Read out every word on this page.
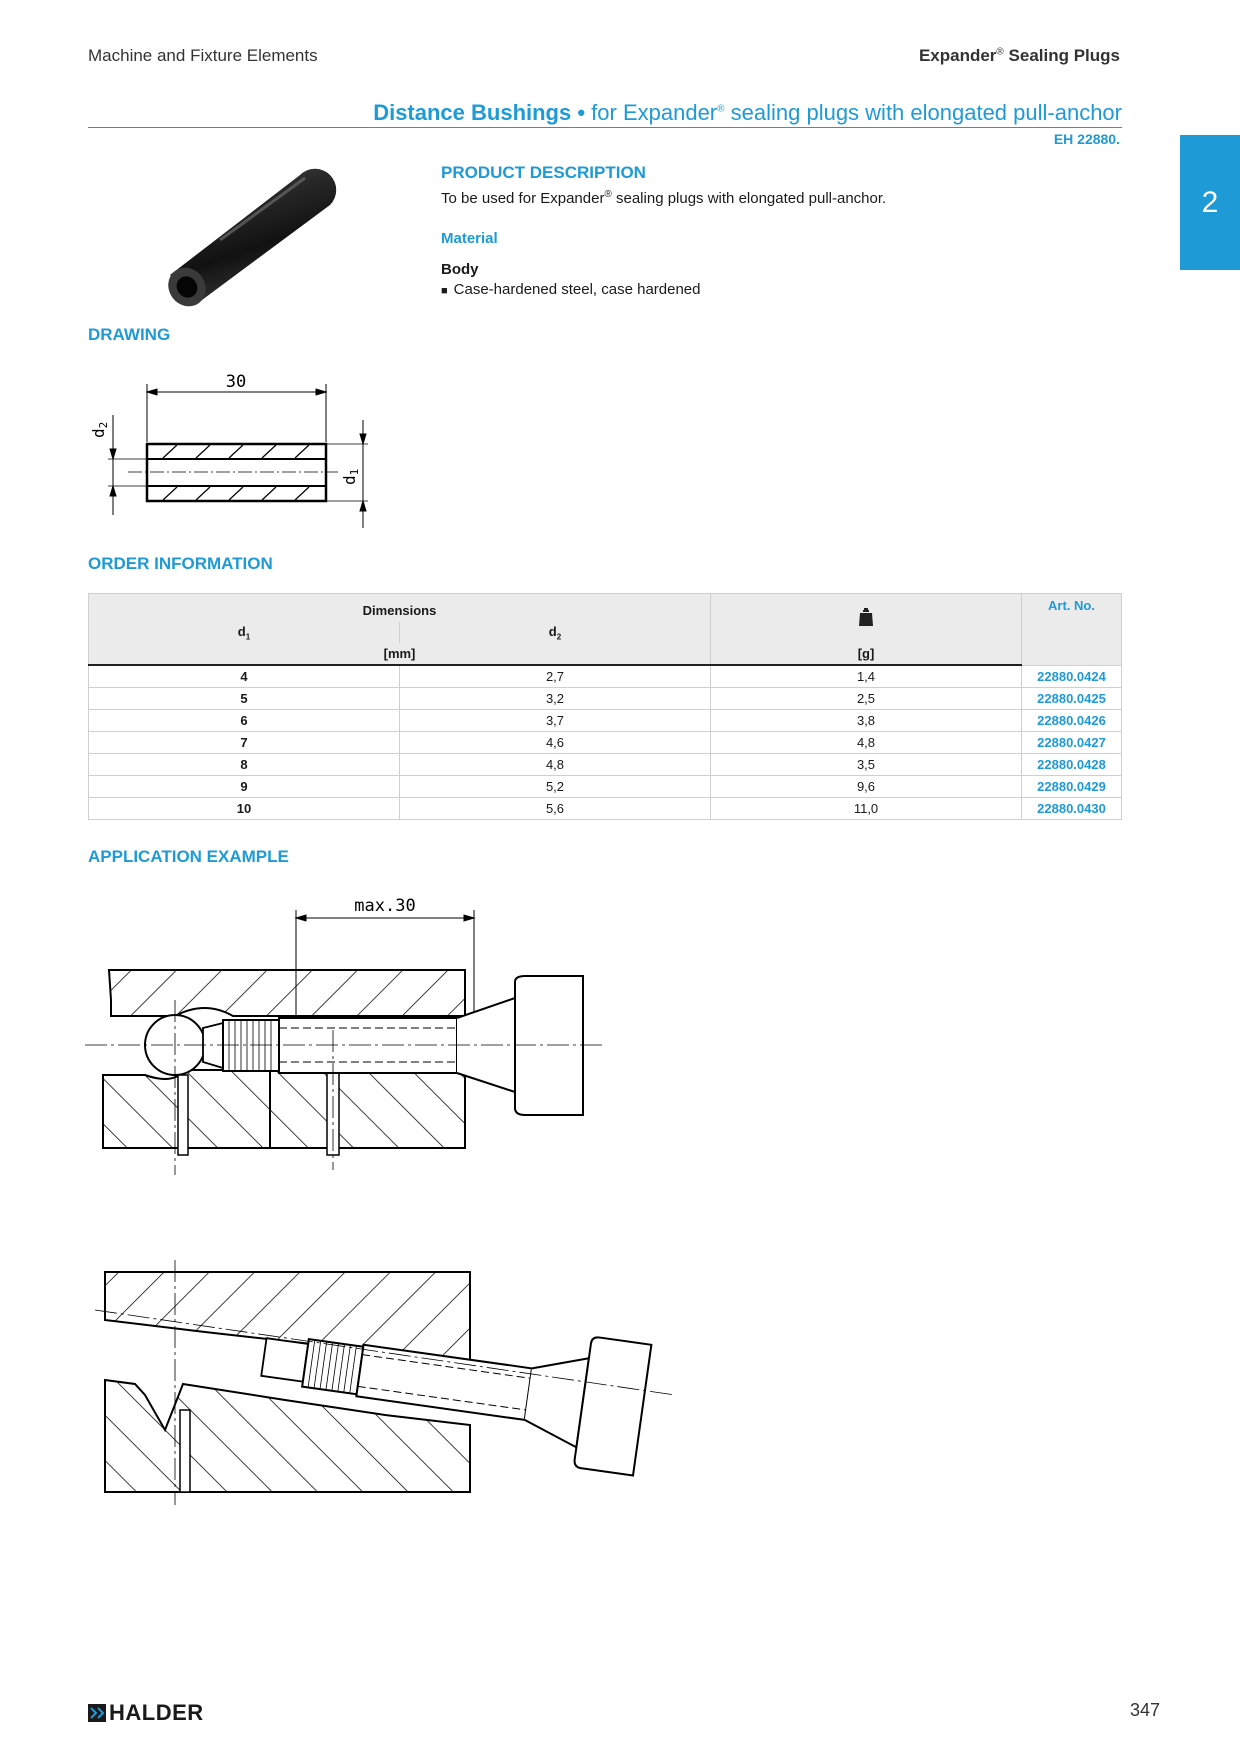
Machine and Fixture Elements	Expander® Sealing Plugs
Distance Bushings • for Expander® sealing plugs with elongated pull-anchor
EH 22880.
2
PRODUCT DESCRIPTION
To be used for Expander® sealing plugs with elongated pull-anchor.
Material
Body
■ Case-hardened steel, case hardened
DRAWING
30
d2
d1
ORDER INFORMATION
Dimensions			Art. No.
$d_1$	$d_2$
[mm]		[g]	
4	2,7	1,4	22880.0424
5	3,2	2,5	22880.0425
6	3,7	3,8	22880.0426
7	4,6	4,8	22880.0427
8	4,8	3,5	22880.0428
9	5,2	9,6	22880.0429
10	5,6	11,0	22880.0430
APPLICATION EXAMPLE
max.30
HALDER	347
